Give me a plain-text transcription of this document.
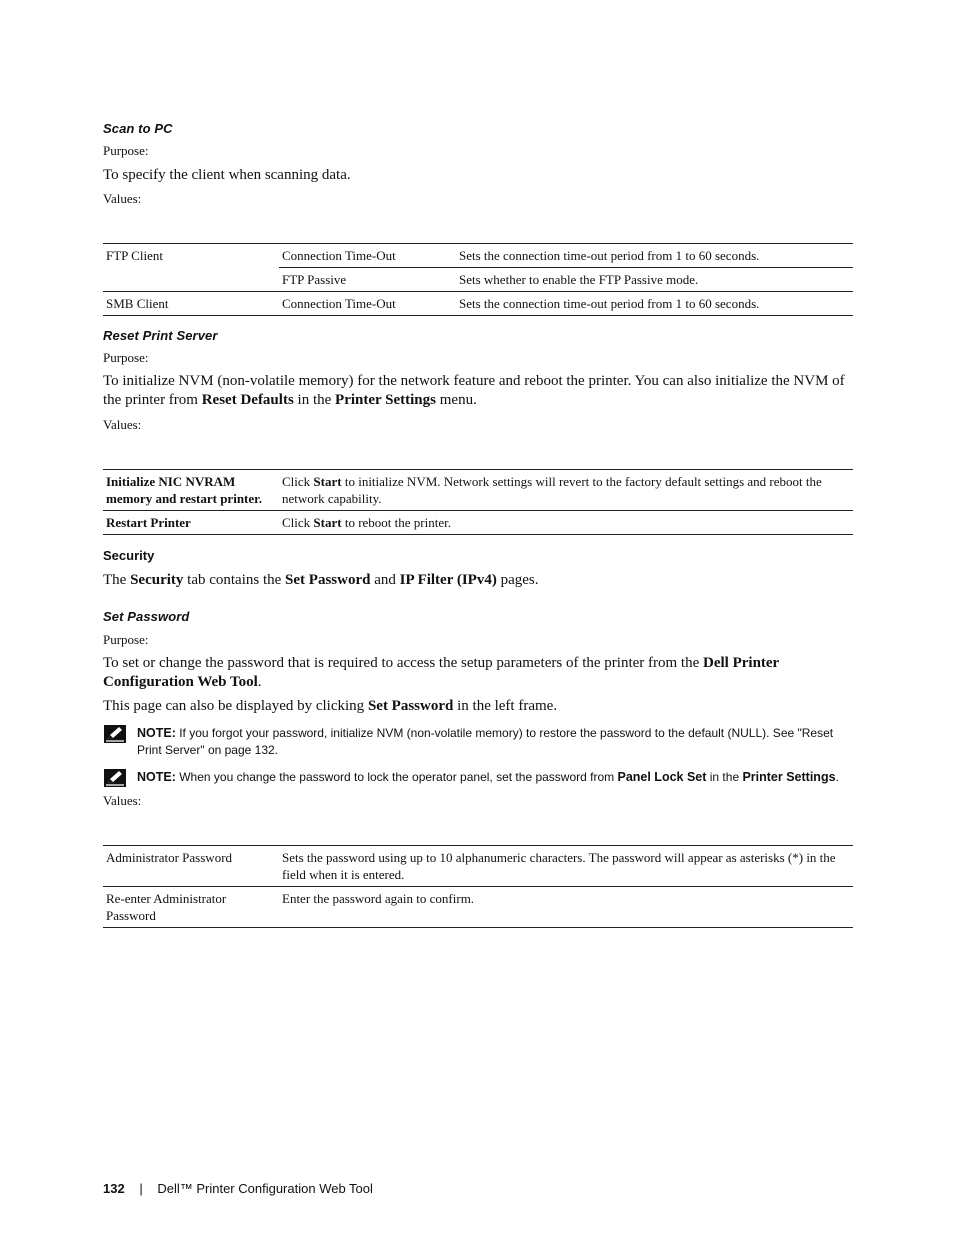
Scan to PC
Purpose:
To specify the client when scanning data.
Values:
FTP Client	Connection Time-Out	Sets the connection time-out period from 1 to 60 seconds.
	FTP Passive	Sets whether to enable the FTP Passive mode.
SMB Client	Connection Time-Out	Sets the connection time-out period from 1 to 60 seconds.
Reset Print Server
Purpose:
To initialize NVM (non-volatile memory) for the network feature and reboot the printer. You can also initialize the NVM of the printer from Reset Defaults in the Printer Settings menu.
Values:
Initialize NIC NVRAM
memory and restart printer.	Click Start to initialize NVM. Network settings will revert to the factory default settings and reboot the network capability.
Restart Printer	Click Start to reboot the printer.
Security
The Security tab contains the Set Password and IP Filter (IPv4) pages.
Set Password
Purpose:
To set or change the password that is required to access the setup parameters of the printer from the Dell Printer Configuration Web Tool.
This page can also be displayed by clicking Set Password in the left frame.
NOTE: If you forgot your password, initialize NVM (non-volatile memory) to restore the password to the default (NULL). See "Reset Print Server" on page 132.
NOTE: When you change the password to lock the operator panel, set the password from Panel Lock Set in the Printer Settings.
Values:
Administrator Password	Sets the password using up to 10 alphanumeric characters. The password will appear as asterisks (*) in the field when it is entered.
Re-enter Administrator
Password	Enter the password again to confirm.
132 | Dell™ Printer Configuration Web Tool
